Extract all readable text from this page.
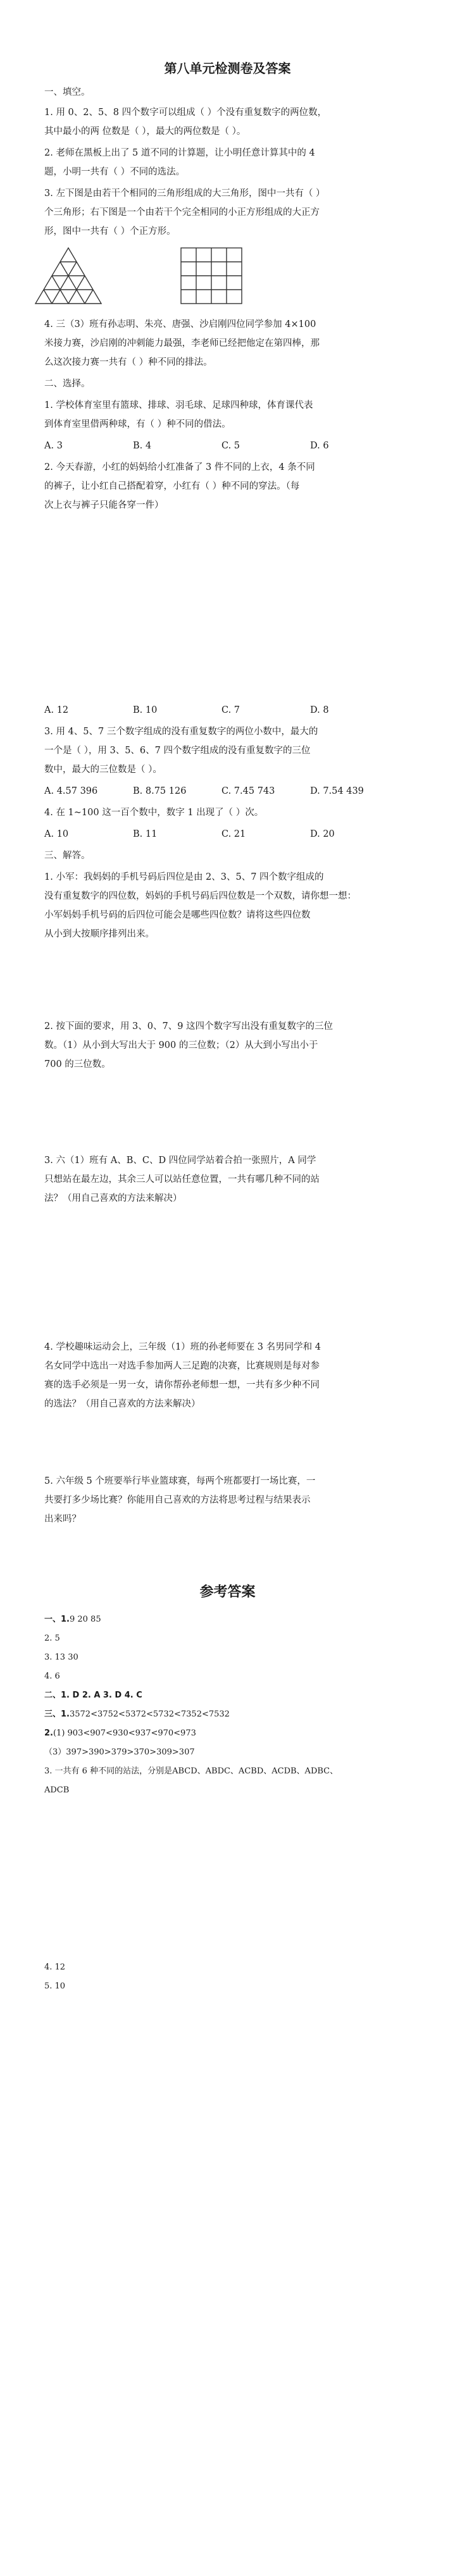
第八单元检测卷及答案
一、填空。
1. 用 0、2、5、8 四个数字可以组成（ ）个没有重复数字的两位数，
其中最小的两 位数是（ ），最大的两位数是（ ）。
2. 老师在黑板上出了 5 道不同的计算题，让小明任意计算其中的 4
题，小明一共有（ ）不同的选法。
3. 左下图是由若干个相同的三角形组成的大三角形，图中一共有（ ）
个三角形；右下图是一个由若干个完全相同的小正方形组成的大正方
形，图中一共有（ ）个正方形。
4. 三（3）班有孙志明、朱亮、唐强、沙启刚四位同学参加 4×100
米接力赛，沙启刚的冲刺能力最强，李老师已经把他定在第四棒，那
么这次接力赛一共有（ ）种不同的排法。
二、选择。
1. 学校体育室里有篮球、排球、羽毛球、足球四种球，体育课代表
到体育室里借两种球，有（ ）种不同的借法。
A. 3	B. 4	C. 5	D. 6
2. 今天春游，小红的妈妈给小红准备了 3 件不同的上衣，4 条不同
的裤子，让小红自己搭配着穿，小红有（ ）种不同的穿法。（每
次上衣与裤子只能各穿一件）
A. 12	B. 10	C. 7	D. 8
3. 用 4、5、7 三个数字组成的没有重复数字的两位小数中，最大的
一个是（ ），用 3、5、6、7 四个数字组成的没有重复数字的三位
数中，最大的三位数是（ ）。
A. 4.57 396	B. 8.75 126	C. 7.45 743	D. 7.54 439
4. 在 1~100 这一百个数中，数字 1 出现了（ ）次。
A. 10	B. 11	C. 21	D. 20
三、解答。
1. 小军：我妈妈的手机号码后四位是由 2、3、5、7 四个数字组成的
没有重复数字的四位数，妈妈的手机号码后四位数是一个双数，请你想一想：
小军妈妈手机号码的后四位可能会是哪些四位数？请将这些四位数
从小到大按顺序排列出来。
2. 按下面的要求，用 3、0、7、9 这四个数字写出没有重复数字的三位
数。（1）从小到大写出大于 900 的三位数；（2）从大到小写出小于
700 的三位数。
3. 六（1）班有 A、B、C、D 四位同学站着合拍一张照片，A 同学
只想站在最左边，其余三人可以站任意位置，一共有哪几种不同的站
法？（用自己喜欢的方法来解决）
4. 学校趣味运动会上，三年级（1）班的孙老师要在 3 名男同学和 4
名女同学中选出一对选手参加两人三足跑的决赛，比赛规则是每对参
赛的选手必须是一男一女，请你帮孙老师想一想，一共有多少种不同
的选法？（用自己喜欢的方法来解决）
5. 六年级 5 个班要举行毕业篮球赛，每两个班都要打一场比赛，一
共要打多少场比赛？你能用自己喜欢的方法将思考过程与结果表示
出来吗？
参考答案
一、1.9 20 85
2. 5
3. 13 30
4. 6
二、1. D 2. A 3. D 4. C
三、1.3572<3752<5372<5732<7352<7532
2.(1) 903<907<930<937<970<973
（3）397>390>379>370>309>307
3. 一共有 6 种不同的站法，分别是ABCD、ABDC、ACBD、ACDB、ADBC、
ADCB
4. 12
5. 10
